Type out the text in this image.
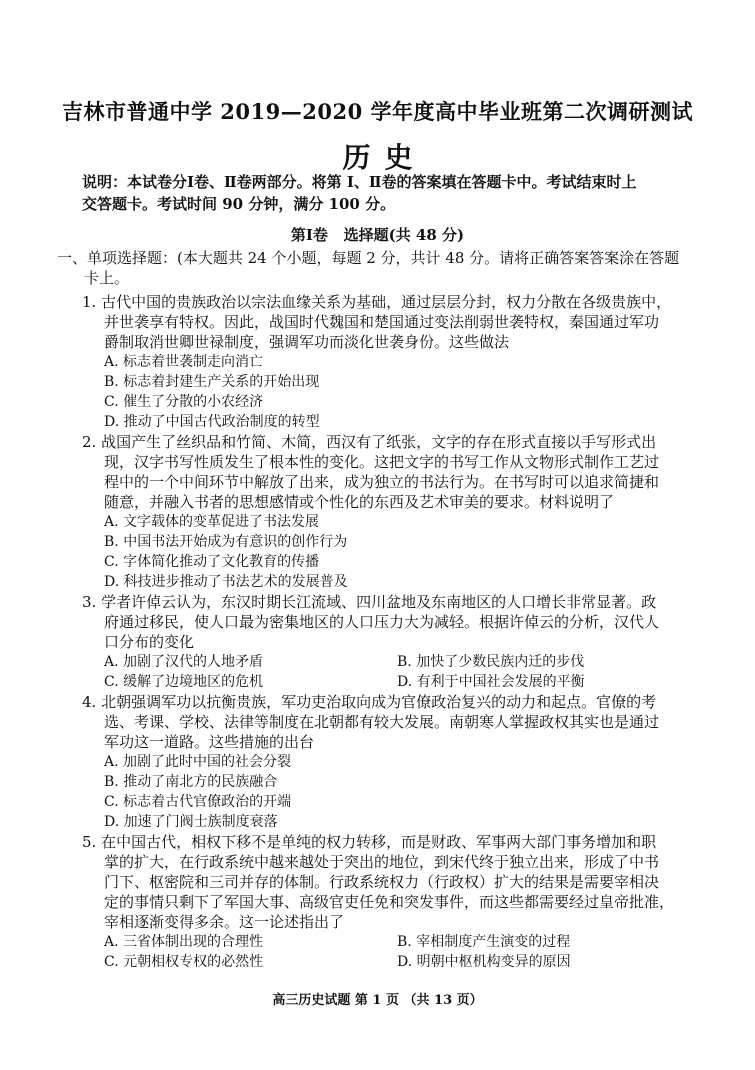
吉林市普通中学 2019—2020 学年度高中毕业班第二次调研测试
历史

说明：本试卷分Ⅰ卷、Ⅱ卷两部分。将第 Ⅰ、Ⅱ卷的答案填在答题卡中。考试结束时上

交答题卡。考试时间 90 分钟，满分 100 分。

第Ⅰ卷   选择题(共 48 分)

一、单项选择题：(本大题共 24 个小题，每题 2 分，共计 48 分。请将正确答案答案涂在答题

卡上。

1. 古代中国的贵族政治以宗法血缘关系为基础，通过层层分封，权力分散在各级贵族中，

并世袭享有特权。因此，战国时代魏国和楚国通过变法削弱世袭特权，秦国通过军功

爵制取消世卿世禄制度，强调军功而淡化世袭身份。这些做法

A. 标志着世袭制走向消亡
B. 标志着封建生产关系的开始出现
C. 催生了分散的小农经济
D. 推动了中国古代政治制度的转型

2. 战国产生了丝织品和竹简、木简，西汉有了纸张，文字的存在形式直接以手写形式出

现，汉字书写性质发生了根本性的变化。这把文字的书写工作从文物形式制作工艺过

程中的一个中间环节中解放了出来，成为独立的书法行为。在书写时可以追求简捷和

随意，并融入书者的思想感情或个性化的东西及艺术审美的要求。材料说明了

A. 文字载体的变革促进了书法发展
B. 中国书法开始成为有意识的创作行为
C. 字体简化推动了文化教育的传播
D. 科技进步推动了书法艺术的发展普及

3. 学者许倬云认为，东汉时期长江流域、四川盆地及东南地区的人口增长非常显著。政

府通过移民，使人口最为密集地区的人口压力大为减轻。根据许倬云的分析，汉代人

口分布的变化

A. 加剧了汉代的人地矛盾	B. 加快了少数民族内迁的步伐
C. 缓解了边境地区的危机	D. 有利于中国社会发展的平衡

4. 北朝强调军功以抗衡贵族，军功吏治取向成为官僚政治复兴的动力和起点。官僚的考

选、考课、学校、法律等制度在北朝都有较大发展。南朝寒人掌握政权其实也是通过

军功这一道路。这些措施的出台

A. 加剧了此时中国的社会分裂
B. 推动了南北方的民族融合
C. 标志着古代官僚政治的开端
D. 加速了门阀士族制度衰落

5. 在中国古代，相权下移不是单纯的权力转移，而是财政、军事两大部门事务增加和职

掌的扩大，在行政系统中越来越处于突出的地位，到宋代终于独立出来，形成了中书

门下、枢密院和三司并存的体制。行政系统权力（行政权）扩大的结果是需要宰相决

定的事情只剩下了军国大事、高级官吏任免和突发事件，而这些都需要经过皇帝批准，

宰相逐渐变得多余。这一论述指出了

A. 三省体制出现的合理性	B. 宰相制度产生演变的过程
C. 元朝相权专权的必然性	D. 明朝中枢机构变异的原因
高三历史试题 第 1 页 （共 13 页）
